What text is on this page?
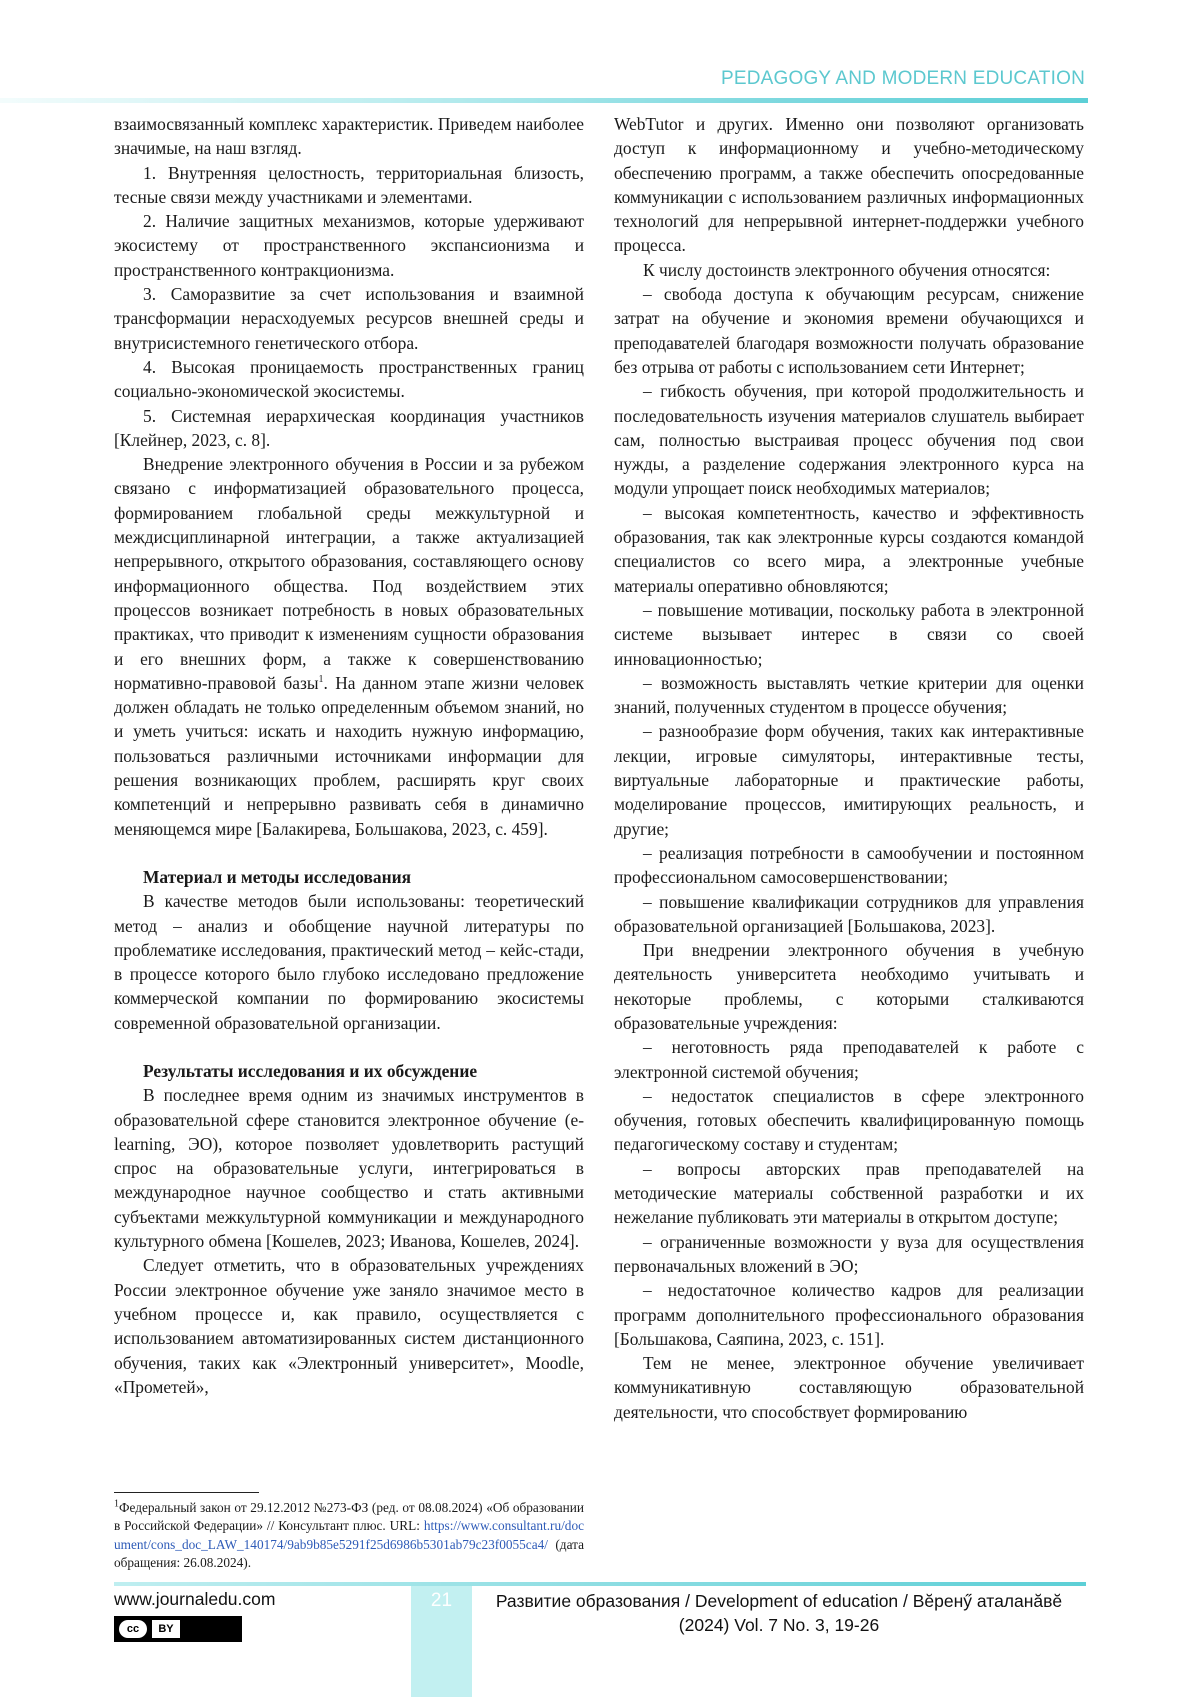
PEDAGOGY AND MODERN EDUCATION

взаимосвязанный комплекс характеристик. Приведем наиболее значимые, на наш взгляд.

1. Внутренняя целостность, территориальная близость, тесные связи между участниками и элементами.

2. Наличие защитных механизмов, которые удерживают экосистему от пространственного экспансионизма и пространственного контракционизма.

3. Саморазвитие за счет использования и взаимной трансформации нерасходуемых ресурсов внешней среды и внутрисистемного генетического отбора.

4. Высокая проницаемость пространственных границ социально-экономической экосистемы.

5. Системная иерархическая координация участников [Клейнер, 2023, с. 8].

Внедрение электронного обучения в России и за рубежом связано с информатизацией образовательного процесса, формированием глобальной среды межкультурной и междисциплинарной интеграции, а также актуализацией непрерывного, открытого образования, составляющего основу информационного общества. Под воздействием этих процессов возникает потребность в новых образовательных практиках, что приводит к изменениям сущности образования и его внешних форм, а также к совершенствованию нормативно-правовой базы$^1$. На данном этапе жизни человек должен обладать не только определенным объемом знаний, но и уметь учиться: искать и находить нужную информацию, пользоваться различными источниками информации для решения возникающих проблем, расширять круг своих компетенций и непрерывно развивать себя в динамично меняющемся мире [Балакирева, Большакова, 2023, с. 459].

Материал и методы исследования

В качестве методов были использованы: теоретический метод – анализ и обобщение научной литературы по проблематике исследования, практический метод – кейс-стади, в процессе которого было глубоко исследовано предложение коммерческой компании по формированию экосистемы современной образовательной организации.

Результаты исследования и их обсуждение

В последнее время одним из значимых инструментов в образовательной сфере становится электронное обучение (e-learning, ЭО), которое позволяет удовлетворить растущий спрос на образовательные услуги, интегрироваться в международное научное сообщество и стать активными субъектами межкультурной коммуникации и международного культурного обмена [Кошелев, 2023; Иванова, Кошелев, 2024].

Следует отметить, что в образовательных учреждениях России электронное обучение уже заняло значимое место в учебном процессе и, как правило, осуществляется с использованием автоматизированных систем дистанционного обучения, таких как «Электронный университет», Moodle, «Прометей»,

$^1$Федеральный закон от 29.12.2012 №273-ФЗ (ред. от 08.08.2024) «Об образовании в Российской Федерации» // Консультант плюс. URL: https://www.consultant.ru/document/cons_doc_LAW_140174/9ab9b85e5291f25d6986b5301ab79c23f0055ca4/ (дата обращения: 26.08.2024).

WebTutor и других. Именно они позволяют организовать доступ к информационному и учебно-методическому обеспечению программ, а также обеспечить опосредованные коммуникации с использованием различных информационных технологий для непрерывной интернет-поддержки учебного процесса.

К числу достоинств электронного обучения относятся:

– свобода доступа к обучающим ресурсам, снижение затрат на обучение и экономия времени обучающихся и преподавателей благодаря возможности получать образование без отрыва от работы с использованием сети Интернет;

– гибкость обучения, при которой продолжительность и последовательность изучения материалов слушатель выбирает сам, полностью выстраивая процесс обучения под свои нужды, а разделение содержания электронного курса на модули упрощает поиск необходимых материалов;

– высокая компетентность, качество и эффективность образования, так как электронные курсы создаются командой специалистов со всего мира, а электронные учебные материалы оперативно обновляются;

– повышение мотивации, поскольку работа в электронной системе вызывает интерес в связи со своей инновационностью;

– возможность выставлять четкие критерии для оценки знаний, полученных студентом в процессе обучения;

– разнообразие форм обучения, таких как интерактивные лекции, игровые симуляторы, интерактивные тесты, виртуальные лабораторные и практические работы, моделирование процессов, имитирующих реальность, и другие;

– реализация потребности в самообучении и постоянном профессиональном самосовершенствовании;

– повышение квалификации сотрудников для управления образовательной организацией [Большакова, 2023].

При внедрении электронного обучения в учебную деятельность университета необходимо учитывать и некоторые проблемы, с которыми сталкиваются образовательные учреждения:

– неготовность ряда преподавателей к работе с электронной системой обучения;

– недостаток специалистов в сфере электронного обучения, готовых обеспечить квалифицированную помощь педагогическому составу и студентам;

– вопросы авторских прав преподавателей на методические материалы собственной разработки и их нежелание публиковать эти материалы в открытом доступе;

– ограниченные возможности у вуза для осуществления первоначальных вложений в ЭО;

– недостаточное количество кадров для реализации программ дополнительного профессионального образования [Большакова, Саяпина, 2023, с. 151].

Тем не менее, электронное обучение увеличивает коммуникативную составляющую образовательной деятельности, что способствует формированию

21
www.journaledu.com
cc	BY
Развитие образования / Development of education / Вӗренӳ аталанӑвӗ
(2024) Vol. 7 No. 3, 19-26
